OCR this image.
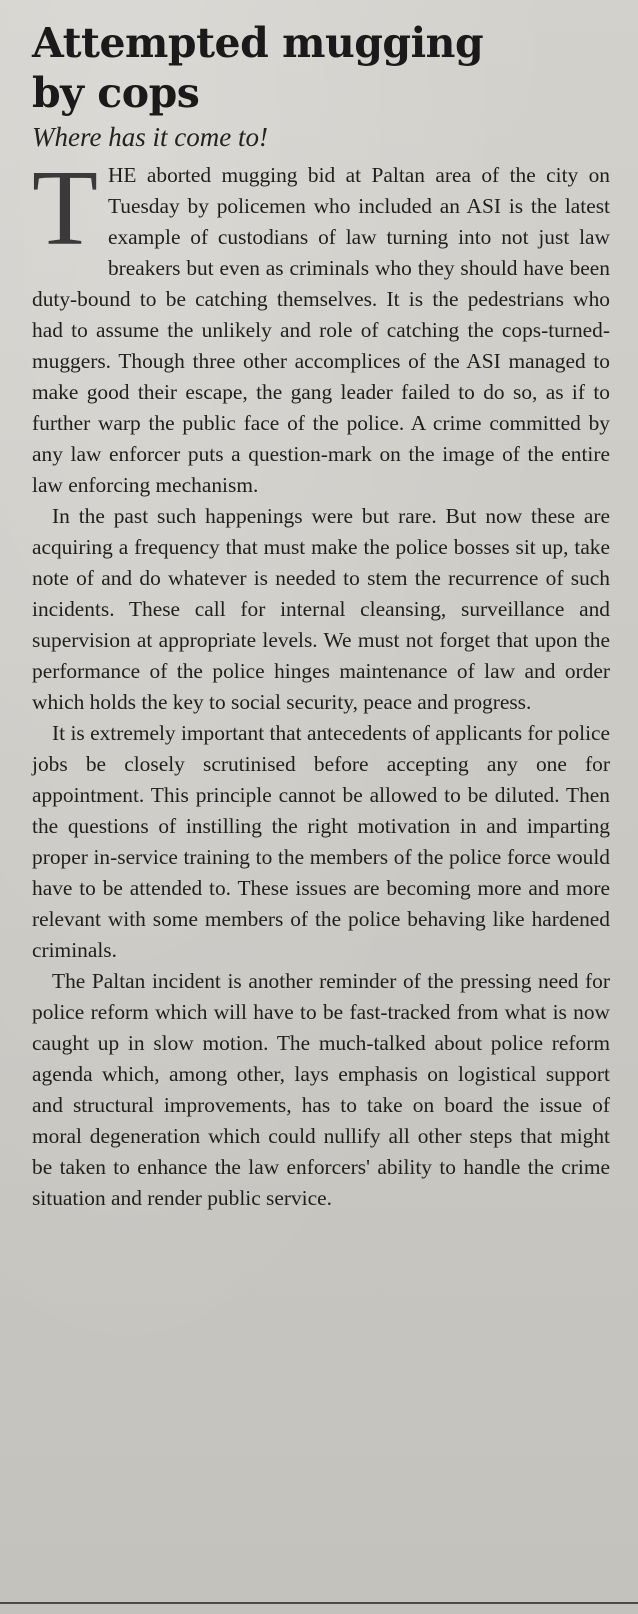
Attempted mugging by cops
Where has it come to!

T HE aborted mugging bid at Paltan area of the city on Tuesday by policemen who included an ASI is the latest example of custodians of law turning into not just law breakers but even as criminals who they should have been duty-bound to be catching themselves. It is the pedestrians who had to assume the unlikely and role of catching the cops-turned-muggers. Though three other accomplices of the ASI managed to make good their escape, the gang leader failed to do so, as if to further warp the public face of the police. A crime committed by any law enforcer puts a question-mark on the image of the entire law enforcing mechanism.

In the past such happenings were but rare. But now these are acquiring a frequency that must make the police bosses sit up, take note of and do whatever is needed to stem the recurrence of such incidents. These call for internal cleansing, surveillance and supervision at appropriate levels. We must not forget that upon the performance of the police hinges maintenance of law and order which holds the key to social security, peace and progress.

It is extremely important that antecedents of applicants for police jobs be closely scrutinised before accepting any one for appointment. This principle cannot be allowed to be diluted. Then the questions of instilling the right motivation in and imparting proper in-service training to the members of the police force would have to be attended to. These issues are becoming more and more relevant with some members of the police behaving like hardened criminals.

The Paltan incident is another reminder of the pressing need for police reform which will have to be fast-tracked from what is now caught up in slow motion. The much-talked about police reform agenda which, among other, lays emphasis on logistical support and structural improvements, has to take on board the issue of moral degeneration which could nullify all other steps that might be taken to enhance the law enforcers' ability to handle the crime situation and render public service.
